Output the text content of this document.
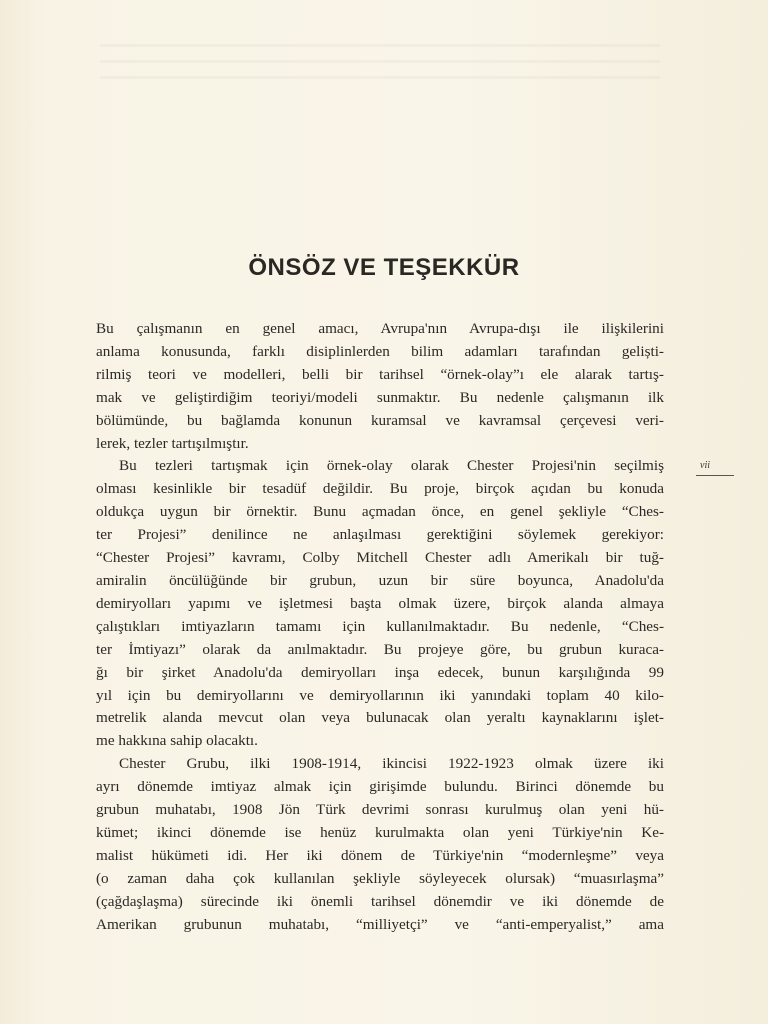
ÖNSÖZ VE TEŞEKKÜR
Bu çalışmanın en genel amacı, Avrupa'nın Avrupa-dışı ile ilişkilerini
anlama konusunda, farklı disiplinlerden bilim adamları tarafından geliști-
rilmiş teori ve modelleri, belli bir tarihsel “örnek-olay”ı ele alarak tartış-
mak ve geliştirdiğim teoriyi/modeli sunmaktır. Bu nedenle çalışmanın ilk
bölümünde, bu bağlamda konunun kuramsal ve kavramsal çerçevesi veri-
lerek, tezler tartışılmıştır.
Bu tezleri tartışmak için örnek-olay olarak Chester Projesi'nin seçilmiş
olması kesinlikle bir tesadüf değildir. Bu proje, birçok açıdan bu konuda
oldukça uygun bir örnektir. Bunu açmadan önce, en genel şekliyle “Ches-
ter Projesi” denilince ne anlaşılması gerektiğini söylemek gerekiyor:
“Chester Projesi” kavramı, Colby Mitchell Chester adlı Amerikalı bir tuğ-
amiralin öncülüğünde bir grubun, uzun bir süre boyunca, Anadolu'da
demiryolları yapımı ve işletmesi başta olmak üzere, birçok alanda almaya
çalıştıkları imtiyazların tamamı için kullanılmaktadır. Bu nedenle, “Ches-
ter İmtiyazı” olarak da anılmaktadır. Bu projeye göre, bu grubun kuraca-
ğı bir şirket Anadolu'da demiryolları inşa edecek, bunun karşılığında 99
yıl için bu demiryollarını ve demiryollarının iki yanındaki toplam 40 kilo-
metrelik alanda mevcut olan veya bulunacak olan yeraltı kaynaklarını işlet-
me hakkına sahip olacaktı.
Chester Grubu, ilki 1908-1914, ikincisi 1922-1923 olmak üzere iki
ayrı dönemde imtiyaz almak için girişimde bulundu. Birinci dönemde bu
grubun muhatabı, 1908 Jön Türk devrimi sonrası kurulmuş olan yeni hü-
kümet; ikinci dönemde ise henüz kurulmakta olan yeni Türkiye'nin Ke-
malist hükümeti idi. Her iki dönem de Türkiye'nin “modernleşme” veya
(o zaman daha çok kullanılan şekliyle söyleyecek olursak) “muasırlaşma”
(çağdaşlaşma) sürecinde iki önemli tarihsel dönemdir ve iki dönemde de
Amerikan grubunun muhatabı, “milliyetçi” ve “anti-emperyalist,” ama
vii
